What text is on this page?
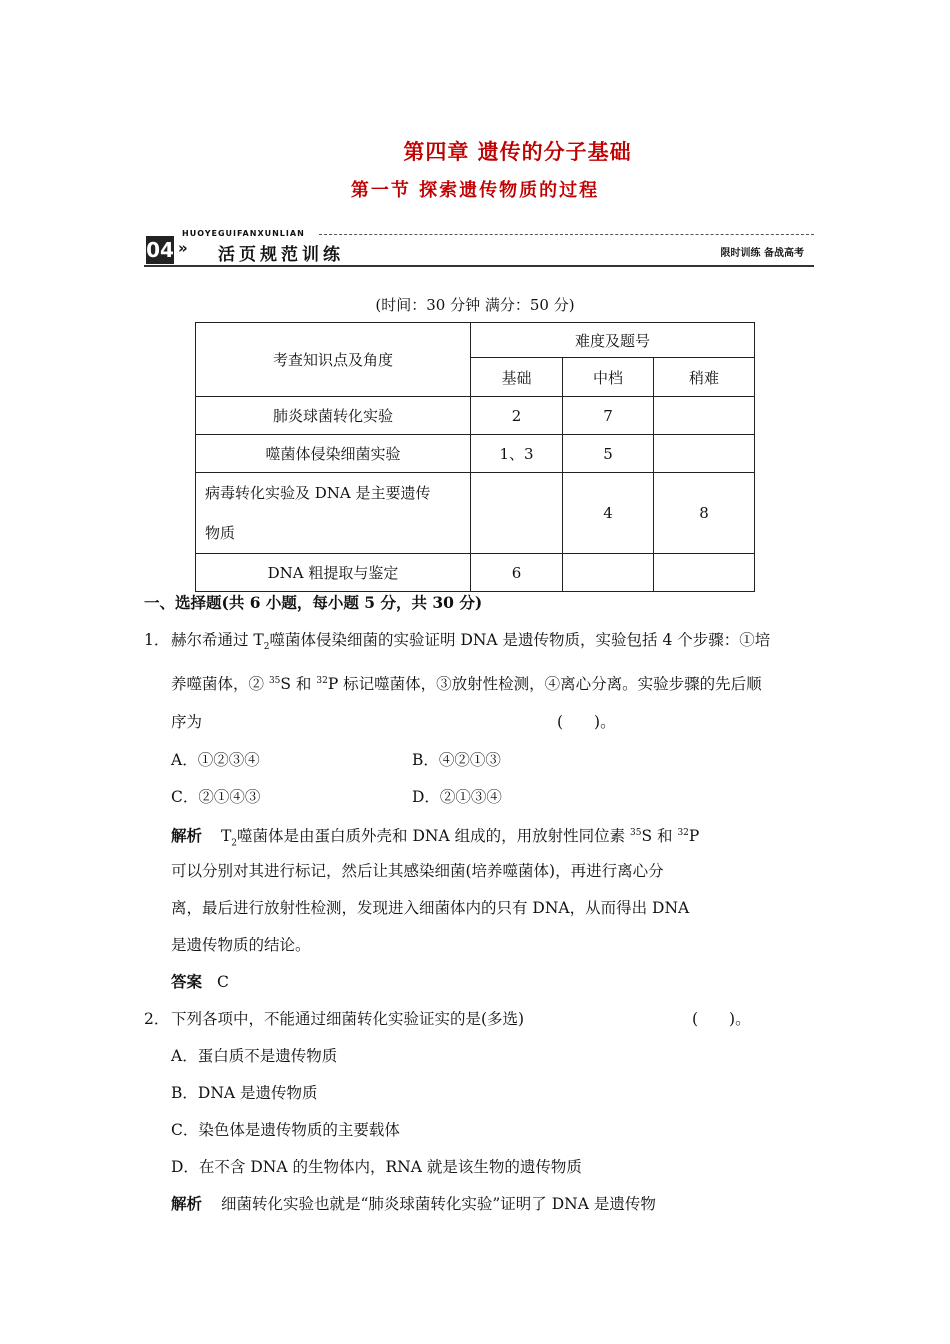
第四章 遗传的分子基础
第一节 探索遗传物质的过程
HUOYEGUIFANXUNLIAN
04 » 活页规范训练	限时训练 备战高考
(时间：30 分钟 满分：50 分)
考查知识点及角度	难度及题号		
	基础	中档	稍难
肺炎球菌转化实验	2	7	
噬菌体侵染细菌实验	1、3	5	

病毒转化实验及 DNA 是主要遗传
物质		4	8
DNA 粗提取与鉴定	6		
一、选择题(共 6 小题，每小题 5 分，共 30 分)
1． 赫尔希通过 $T_2$噬菌体侵染细菌的实验证明 DNA 是遗传物质，实验包括 4 个步骤：①培
养噬菌体，② $^{35}$S 和 $^{32}$P 标记噬菌体，③放射性检测，④离心分离。实验步骤的先后顺
序为	(　　)。
A．①②③④	B．④②①③
C．②①④③	D．②①③④
解析 $T_2$噬菌体是由蛋白质外壳和 DNA 组成的，用放射性同位素 $^{35}$S 和 $^{32}$P
可以分别对其进行标记，然后让其感染细菌(培养噬菌体)，再进行离心分
离，最后进行放射性检测，发现进入细菌体内的只有 DNA，从而得出 DNA
是遗传物质的结论。
答案 C
2． 下列各项中，不能通过细菌转化实验证实的是(多选)	(　　)。
A．蛋白质不是遗传物质
B．DNA 是遗传物质
C．染色体是遗传物质的主要载体
D．在不含 DNA 的生物体内，RNA 就是该生物的遗传物质
解析 细菌转化实验也就是“肺炎球菌转化实验”证明了 DNA 是遗传物
